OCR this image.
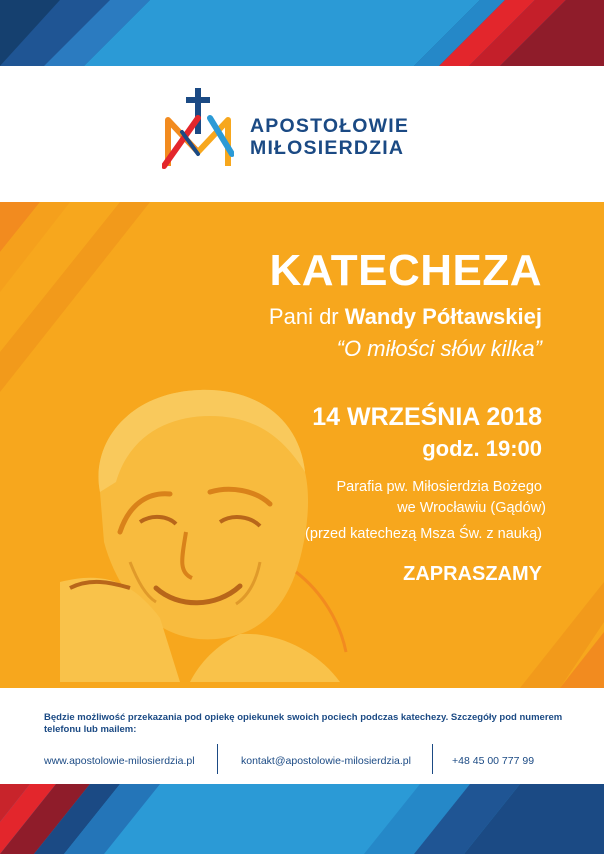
APOSTOŁOWIE
MIŁOSIERDZIA
KATECHEZA
Pani dr Wandy Półtawskiej
“O miłości słów kilka”
14 WRZEŚNIA 2018
godz. 19:00
Parafia pw. Miłosierdzia Bożego
we Wrocławiu (Gądów)
(przed katechezą Msza Św. z nauką)
ZAPRASZAMY
Będzie możliwość przekazania pod opiekę opiekunek swoich pociech podczas katechezy. Szczegóły pod numerem telefonu lub mailem:
www.apostolowie-milosierdzia.pl	kontakt@apostolowie-milosierdzia.pl	+48 45 00 777 99
